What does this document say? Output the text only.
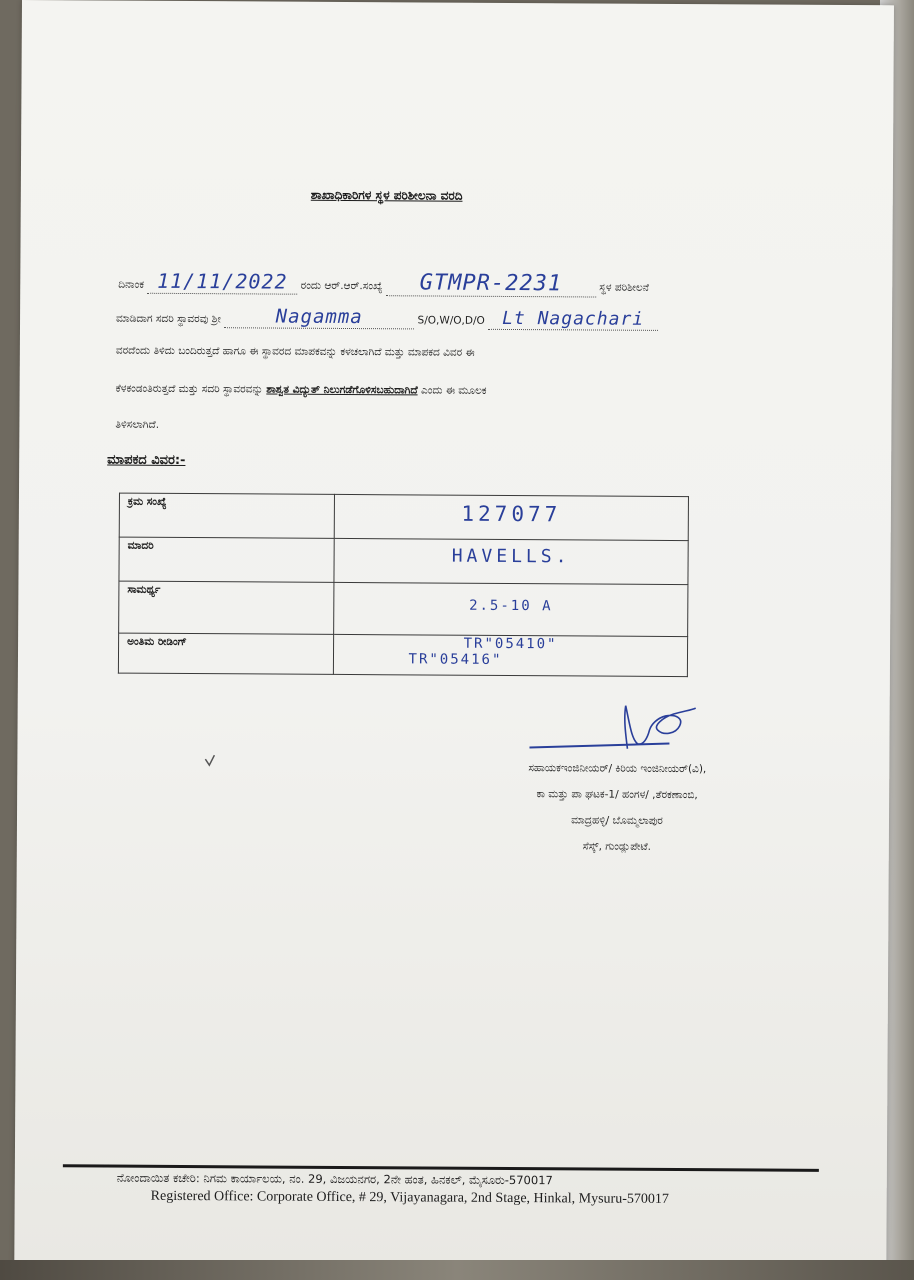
ಶಾಖಾಧಿಕಾರಿಗಳ ಸ್ಥಳ ಪರಿಶೀಲನಾ ವರದಿ
ದಿನಾಂಕ 11/11/2022 ರಂದು ಆರ್.ಆರ್.ಸಂಖ್ಯೆ GTMPR-2231	ಸ್ಥಳ ಪರಿಶೀಲನೆ
ಮಾಡಿದಾಗ ಸದರಿ ಸ್ಥಾವರವು ಶ್ರೀ	Nagamma	S/O,W/O,D/O Lt Nagachari
ವರದೆಂದು ತಿಳಿದು ಬಂದಿರುತ್ತದೆ ಹಾಗೂ ಈ ಸ್ಥಾವರದ ಮಾಪಕವನ್ನು ಕಳಚಲಾಗಿದೆ ಮತ್ತು ಮಾಪಕದ ವಿವರ ಈ
ಕೆಳಕಂಡಂತಿರುತ್ತದೆ ಮತ್ತು ಸದರಿ ಸ್ಥಾವರವನ್ನು ಶಾಶ್ವತ ವಿದ್ಯುತ್ ನಿಲುಗಡೆಗೊಳಿಸಬಹುದಾಗಿದೆ ಎಂದು ಈ ಮೂಲಕ
ತಿಳಿಸಲಾಗಿದೆ.
ಮಾಪಕದ ವಿವರ:-
ಕ್ರಮ ಸಂಖ್ಯೆ	127077
ಮಾದರಿ	HAVELLS.
ಸಾಮರ್ಥ್ಯ	2.5-10 A
ಅಂತಿಮ ರೀಡಿಂಗ್	TR"05410"
TR"05416"
ಸಹಾಯಕಇಂಜಿನೀಯರ್/ ಕಿರಿಯ ಇಂಜಿನೀಯರ್(ವಿ),
ಕಾ ಮತ್ತು ಪಾ ಘಟಕ-1/ ಹಂಗಳ/ ,ತೆರಕಣಾಂಬಿ,
ಮಾದ್ರಹಳ್ಳಿ/ ಬೊಮ್ಮಲಾಪುರ
ಸೆಸ್ಕ್, ಗುಂಡ್ಲುಪೇಟೆ.
ನೋಂದಾಯಿತ ಕಚೇರಿ: ನಿಗಮ ಕಾರ್ಯಾಲಯ, ನಂ. 29, ವಿಜಯನಗರ, 2ನೇ ಹಂತ, ಹಿನಕಲ್, ಮೈಸೂರು-570017
Registered Office: Corporate Office, # 29, Vijayanagara, 2nd Stage, Hinkal, Mysuru-570017
